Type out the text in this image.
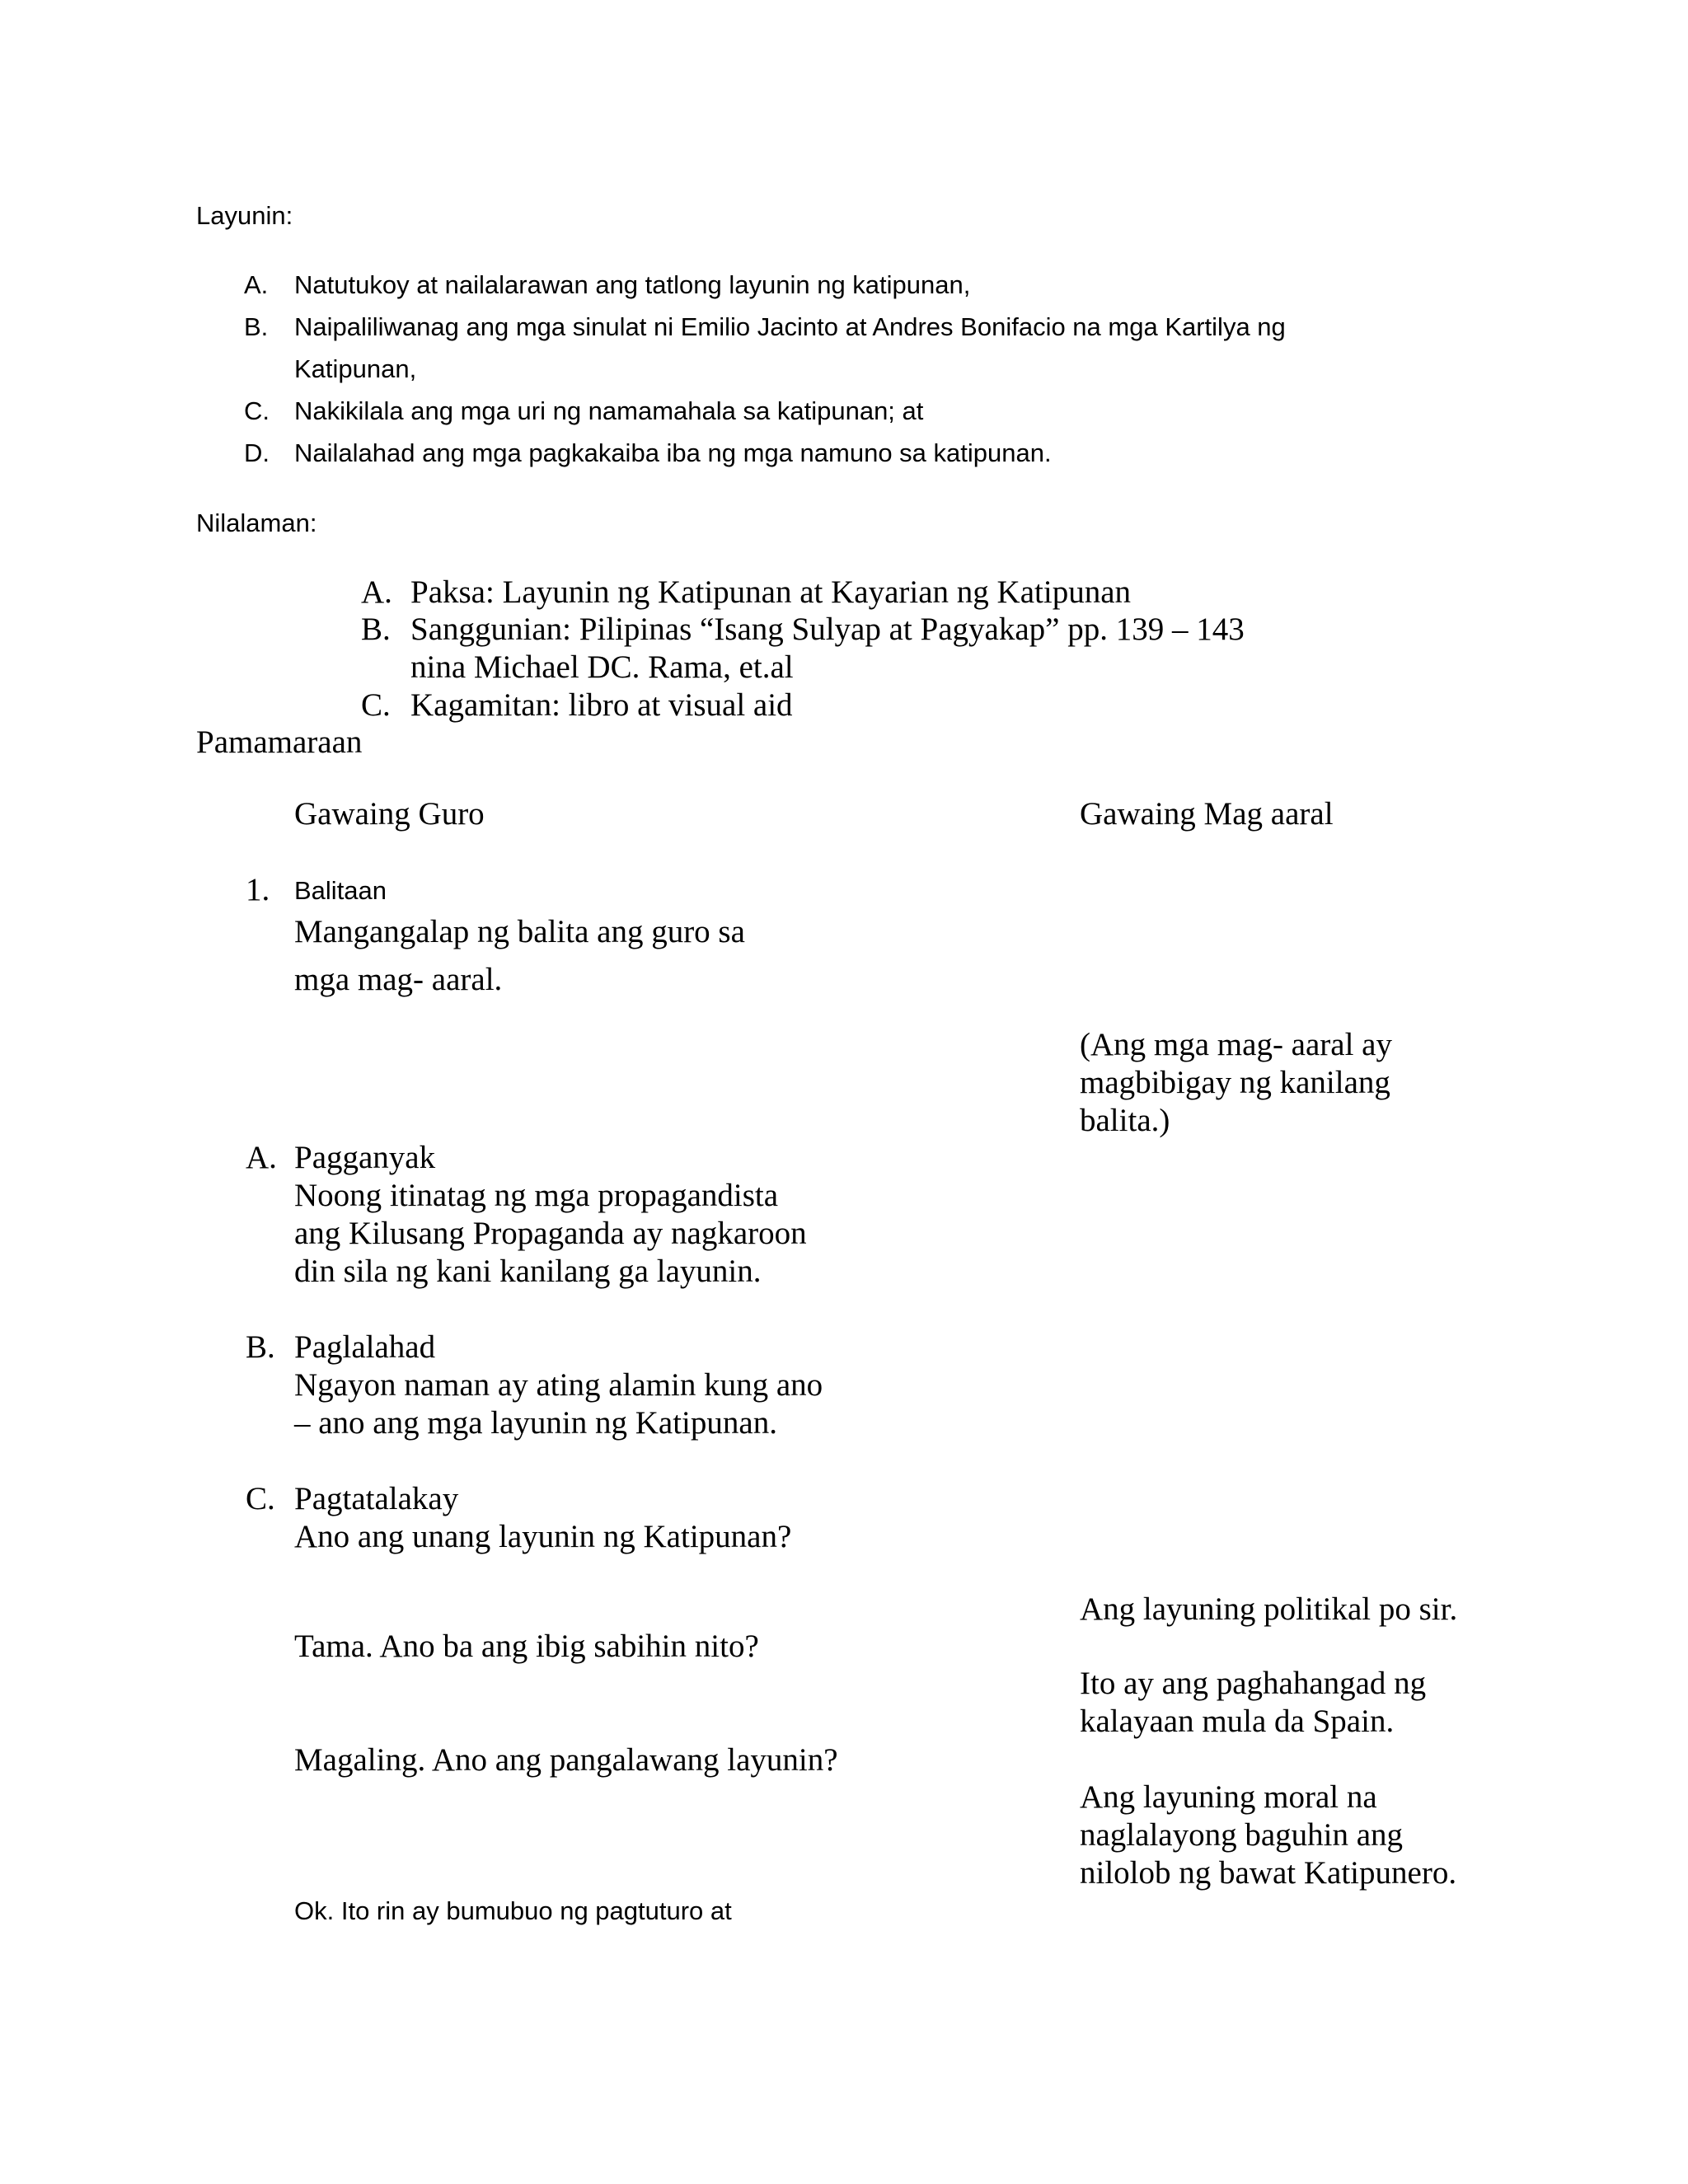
Layunin:
A. Natutukoy at nailalarawan ang tatlong layunin ng katipunan,
B. Naipaliliwanag ang mga sinulat ni Emilio Jacinto at Andres Bonifacio na mga Kartilya ng
Katipunan,
C. Nakikilala ang mga uri ng namamahala sa katipunan; at
D. Nailalahad ang mga pagkakaiba iba ng mga namuno sa katipunan.
Nilalaman:
A. Paksa: Layunin ng Katipunan at Kayarian ng Katipunan
B. Sanggunian: Pilipinas “Isang Sulyap at Pagyakap” pp. 139 – 143
nina Michael DC. Rama, et.al
C. Kagamitan: libro at visual aid
Pamamaraan
Gawaing Guro	Gawaing Mag aaral
1. Balitaan
Mangangalap ng balita ang guro sa
mga mag- aaral.
(Ang mga mag- aaral ay
magbibigay ng kanilang
balita.)
A. Pagganyak
Noong itinatag ng mga propagandista
ang Kilusang Propaganda ay nagkaroon
din sila ng kani kanilang ga layunin.
B. Paglalahad
Ngayon naman ay ating alamin kung ano
– ano ang mga layunin ng Katipunan.
C. Pagtatalakay
Ano ang unang layunin ng Katipunan?
Ang layuning politikal po sir.
Tama. Ano ba ang ibig sabihin nito?
Ito ay ang paghahangad ng
kalayaan mula da Spain.
Magaling. Ano ang pangalawang layunin?
Ang layuning moral na
naglalayong baguhin ang
nilolob ng bawat Katipunero.
Ok. Ito rin ay bumubuo ng pagtuturo at
